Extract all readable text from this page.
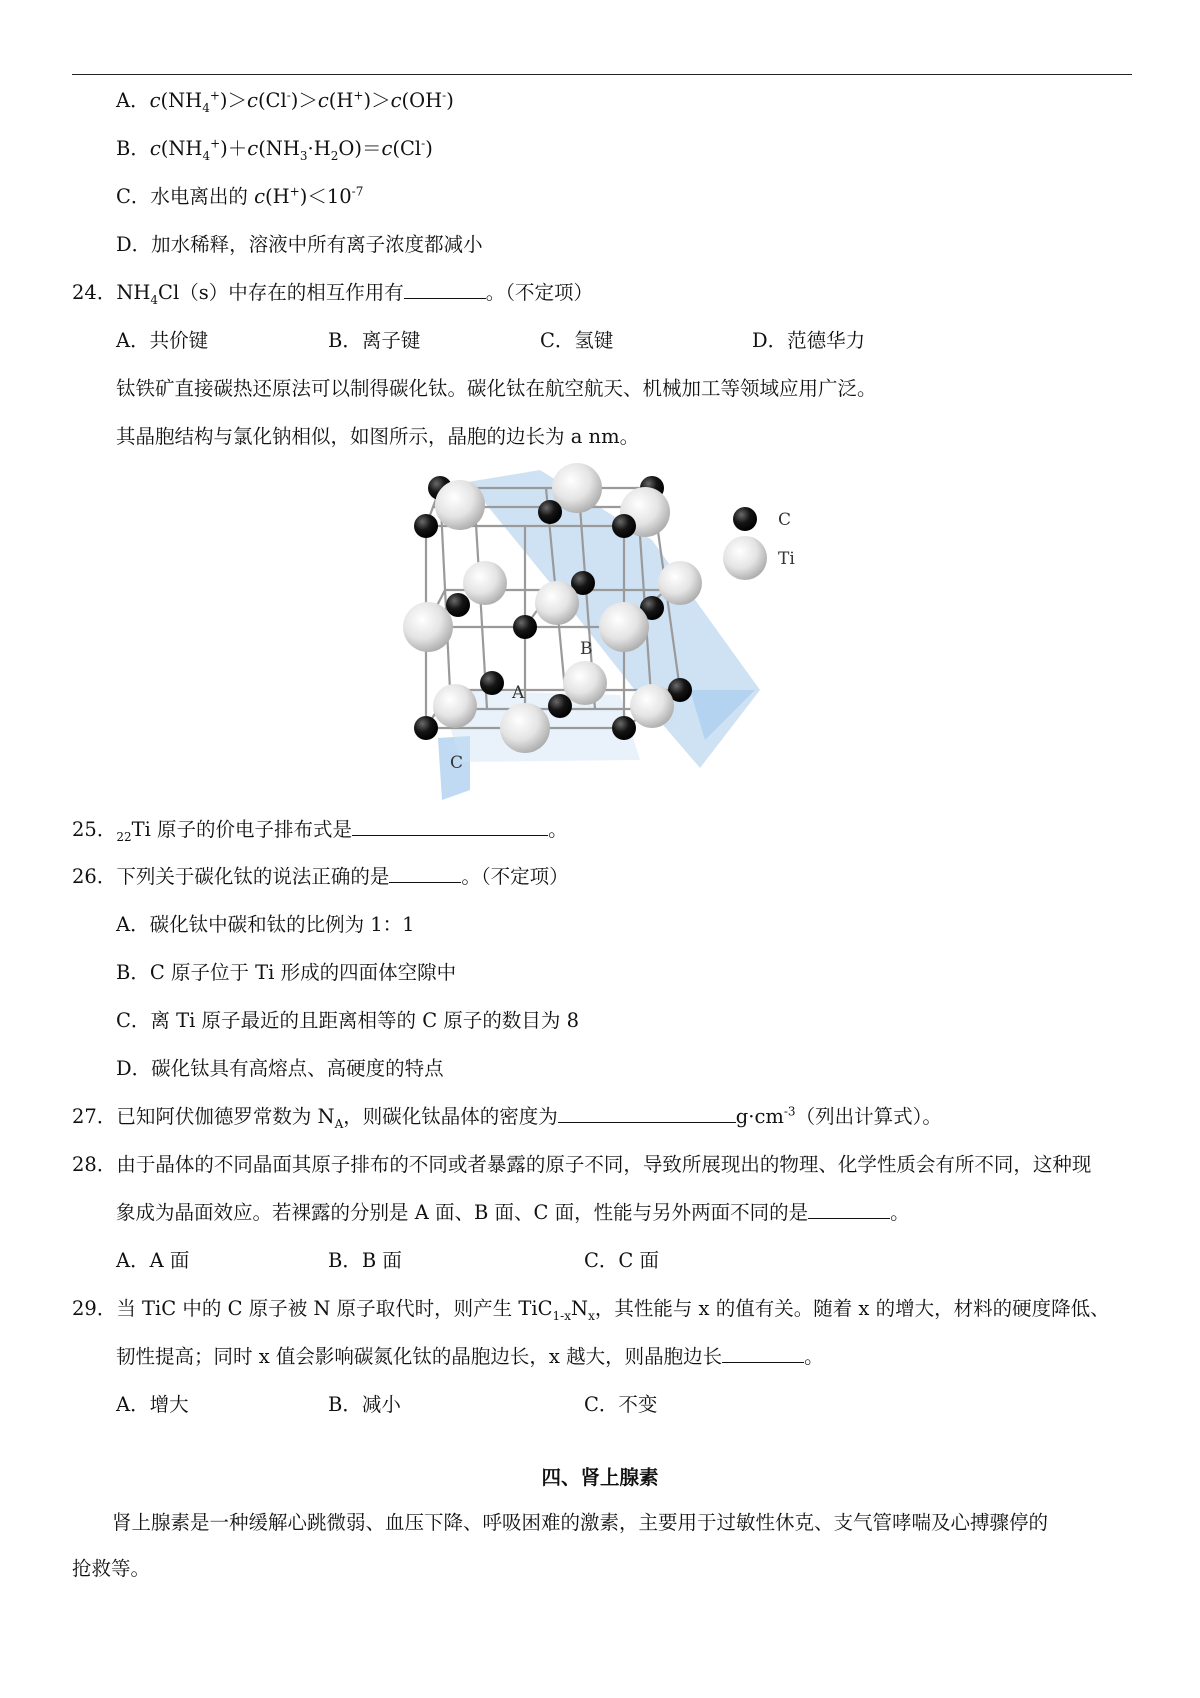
A．$c(NH_4^+)>c(Cl^-)>c(H^+)>c(OH^-)$
B．$c(NH_4^+)+c(NH_3\cdot H_2O)=c(Cl^-)$
C．水电离出的 $c(H^+)<10^{-7}$
D．加水稀释，溶液中所有离子浓度都减小
24．$NH_4Cl(s)$中存在的相互作用有	。（不定项）
A．共价键	B．离子键	C．氢键	D．范德华力
钛铁矿直接碳热还原法可以制得碳化钛。碳化钛在航空航天、机械加工等领域应用广泛。
其晶胞结构与氯化钠相似，如图所示，晶胞的边长为 a nm。
B
A
C
C
Ti
25．$_{22}$Ti 原子的价电子排布式是	。
26．下列关于碳化钛的说法正确的是	。（不定项）
A．碳化钛中碳和钛的比例为 1：1
B．C 原子位于 Ti 形成的四面体空隙中
C．离 Ti 原子最近的且距离相等的 C 原子的数目为 8
D．碳化钛具有高熔点、高硬度的特点
27．已知阿伏伽德罗常数为 $N_A$，则碳化钛晶体的密度为	$g\cdot cm^{-3}$（列出计算式）。
28．由于晶体的不同晶面其原子排布的不同或者暴露的原子不同，导致所展现出的物理、化学性质会有所不同，这种现
象成为晶面效应。若裸露的分别是 A 面、B 面、C 面，性能与另外两面不同的是	。
A．A 面	B．B 面	C．C 面
29．当 TiC 中的 C 原子被 N 原子取代时，则产生 $TiC_{1-x}N_x$，其性能与 x 的值有关。随着 x 的增大，材料的硬度降低、
韧性提高；同时 x 值会影响碳氮化钛的晶胞边长，x 越大，则晶胞边长	。
A．增大	B．减小	C．不变
四、肾上腺素
肾上腺素是一种缓解心跳微弱、血压下降、呼吸困难的激素，主要用于过敏性休克、支气管哮喘及心搏骤停的
抢救等。
